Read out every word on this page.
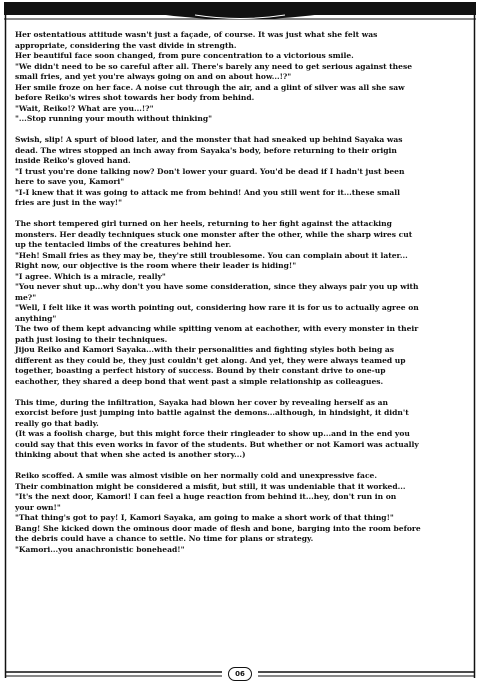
Her ostentatious attitude wasn't just a façade, of course. It was just what she felt was
appropriate, considering the vast divide in strength.
Her beautiful face soon changed, from pure concentration to a victorious smile.
"We didn't need to be so careful after all. There's barely any need to get serious against these
small fries, and yet you're always going on and on about how...!?"
Her smile froze on her face. A noise cut through the air, and a glint of silver was all she saw
before Reiko's wires shot towards her body from behind.
"Wait, Reiko!? What are you...!?"
"...Stop running your mouth without thinking"
Swish, slip! A spurt of blood later, and the monster that had sneaked up behind Sayaka was
dead. The wires stopped an inch away from Sayaka's body, before returning to their origin
inside Reiko's gloved hand.
"I trust you're done talking now? Don't lower your guard. You'd be dead if I hadn't just been
here to save you, Kamori"
"I-I knew that it was going to attack me from behind! And you still went for it...these small
fries are just in the way!"
The short tempered girl turned on her heels, returning to her fight against the attacking
monsters. Her deadly techniques stuck one monster after the other, while the sharp wires cut
up the tentacled limbs of the creatures behind her.
"Heh! Small fries as they may be, they're still troublesome. You can complain about it later...
Right now, our objective is the room where their leader is hiding!"
"I agree. Which is a miracle, really"
"You never shut up...why don't you have some consideration, since they always pair you up with
me?"
"Well, I felt like it was worth pointing out, considering how rare it is for us to actually agree on
anything"
The two of them kept advancing while spitting venom at eachother, with every monster in their
path just losing to their techniques.
Jijou Reiko and Kamori Sayaka...with their personalities and fighting styles both being as
different as they could be, they just couldn't get along. And yet, they were always teamed up
together, boasting a perfect history of success. Bound by their constant drive to one-up
eachother, they shared a deep bond that went past a simple relationship as colleagues.
This time, during the infiltration, Sayaka had blown her cover by revealing herself as an
exorcist before just jumping into battle against the demons...although, in hindsight, it didn't
really go that badly.
(It was a foolish charge, but this might force their ringleader to show up...and in the end you
could say that this even works in favor of the students. But whether or not Kamori was actually
thinking about that when she acted is another story...)
Reiko scoffed. A smile was almost visible on her normally cold and unexpressive face.
Their combination might be considered a misfit, but still, it was undeniable that it worked...
"It's the next door, Kamori! I can feel a huge reaction from behind it...hey, don't run in on
your own!"
"That thing's got to pay! I, Kamori Sayaka, am going to make a short work of that thing!"
Bang! She kicked down the ominous door made of flesh and bone, barging into the room before
the debris could have a chance to settle. No time for plans or strategy.
"Kamori...you anachronistic bonehead!"
06
